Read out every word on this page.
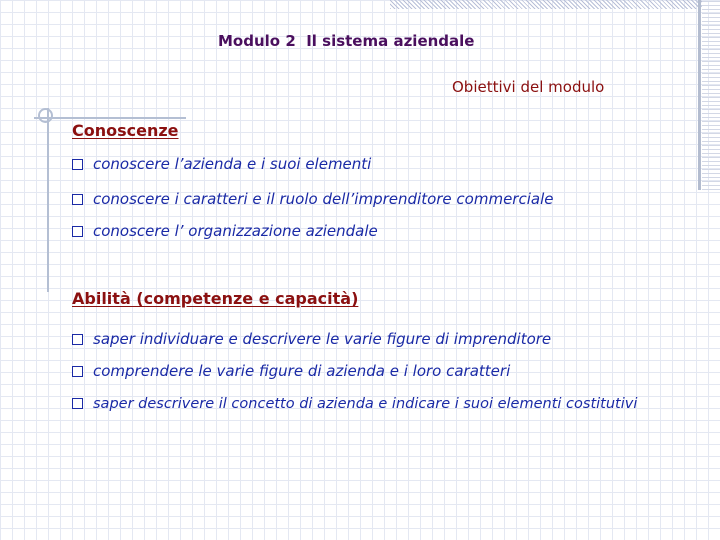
Modulo 2  Il sistema aziendale
Obiettivi del modulo
Conoscenze
conoscere l’azienda e i suoi elementi
conoscere i caratteri e il ruolo dell’imprenditore commerciale
conoscere l’ organizzazione aziendale
Abilità (competenze e capacità)
saper individuare e descrivere le varie figure di imprenditore
comprendere le varie figure di azienda e i loro caratteri
saper descrivere il concetto di azienda e indicare i suoi elementi costitutivi
